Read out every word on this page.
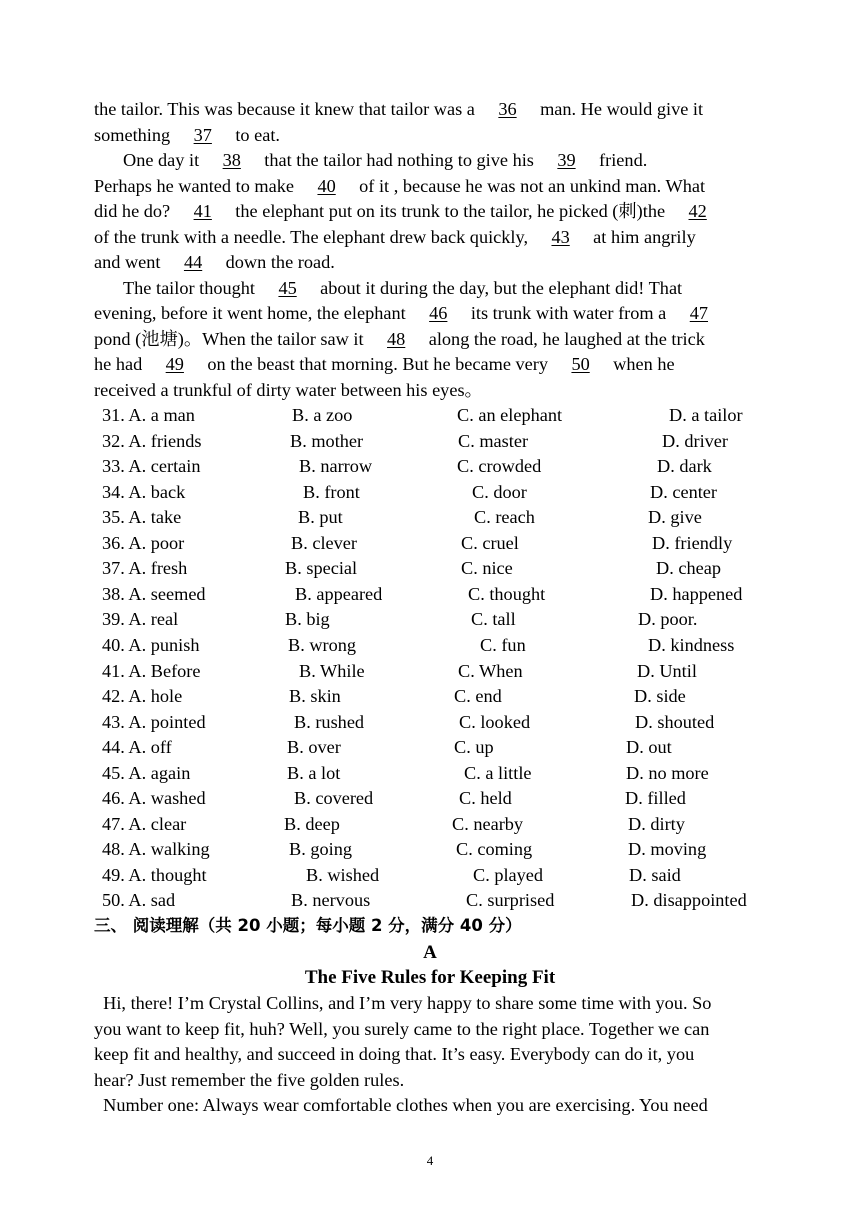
the tailor. This was because it knew that tailor was a 36 man. He would give it
something 37 to eat.
One day it 38 that the tailor had nothing to give his 39 friend.
Perhaps he wanted to make 40 of it , because he was not an unkind man. What
did he do? 41 the elephant put on its trunk to the tailor, he picked (刺)the 42
of the trunk with a needle. The elephant drew back quickly, 43 at him angrily
and went 44 down the road.
The tailor thought 45 about it during the day, but the elephant did! That
evening, before it went home, the elephant 46 its trunk with water from a 47
pond (池塘)。When the tailor saw it 48 along the road, he laughed at the trick
he had 49 on the beast that morning. But he became very 50 when he
received a trunkful of dirty water between his eyes。
31. A. a man	B. a zoo	C. an elephant	D. a tailor
32. A. friends	B. mother	C. master	D. driver
33. A. certain	B. narrow	C. crowded	D. dark
34. A. back	B. front	C. door	D. center
35. A. take	B. put	C. reach	D. give
36. A. poor	B. clever	C. cruel	D. friendly
37. A. fresh	B. special	C. nice	D. cheap
38. A. seemed	B. appeared	C. thought	D. happened
39. A. real	B. big	C. tall	D. poor.
40. A. punish	B. wrong	C. fun	D. kindness
41. A. Before	B. While	C. When	D. Until
42. A. hole	B. skin	C. end	D. side
43. A. pointed	B. rushed	C. looked	D. shouted
44. A. off	B. over	C. up	D. out
45. A. again	B. a lot	C. a little	D. no more
46. A. washed	B. covered	C. held	D. filled
47. A. clear	B. deep	C. nearby	D. dirty
48. A. walking	B. going	C. coming	D. moving
49. A. thought	B. wished	C. played	D. said
50. A. sad	B. nervous	C. surprised	D. disappointed
三、 阅读理解（共 20 小题；每小题 2 分，满分 40 分）
A
The Five Rules for Keeping Fit
Hi, there! I’m Crystal Collins, and I’m very happy to share some time with you. So
you want to keep fit, huh? Well, you surely came to the right place. Together we can
keep fit and healthy, and succeed in doing that. It’s easy. Everybody can do it, you
hear? Just remember the five golden rules.
Number one: Always wear comfortable clothes when you are exercising. You need
4
